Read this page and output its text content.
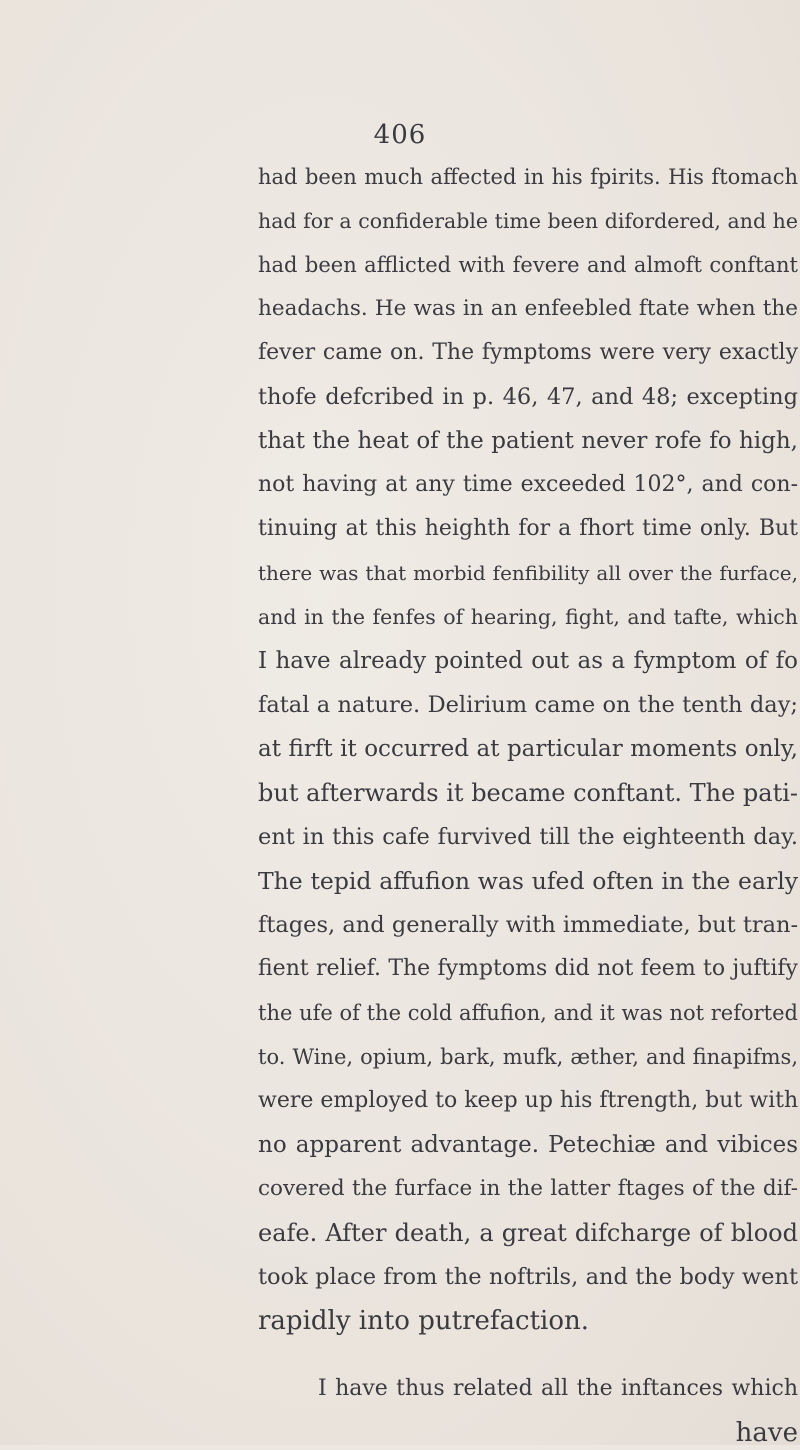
406
had been much affected in his fpirits. His ftomach
had for a confiderable time been difordered, and he
had been afflicted with fevere and almoft conftant
headachs. He was in an enfeebled ftate when the
fever came on. The fymptoms were very exactly
thofe defcribed in p. 46, 47, and 48; excepting
that the heat of the patient never rofe fo high,
not having at any time exceeded 102°, and con-
tinuing at this heighth for a fhort time only. But
there was that morbid fenfibility all over the furface,
and in the fenfes of hearing, fight, and tafte, which
I have already pointed out as a fymptom of fo
fatal a nature. Delirium came on the tenth day;
at firft it occurred at particular moments only,
but afterwards it became conftant. The pati-
ent in this cafe furvived till the eighteenth day.
The tepid affufion was ufed often in the early
ftages, and generally with immediate, but tran-
fient relief. The fymptoms did not feem to juftify
the ufe of the cold affufion, and it was not reforted
to. Wine, opium, bark, mufk, æther, and finapifms,
were employed to keep up his ftrength, but with
no apparent advantage. Petechiæ and vibices
covered the furface in the latter ftages of the dif-
eafe. After death, a great difcharge of blood
took place from the noftrils, and the body went
rapidly into putrefaction.
I have thus related all the inftances which
have
